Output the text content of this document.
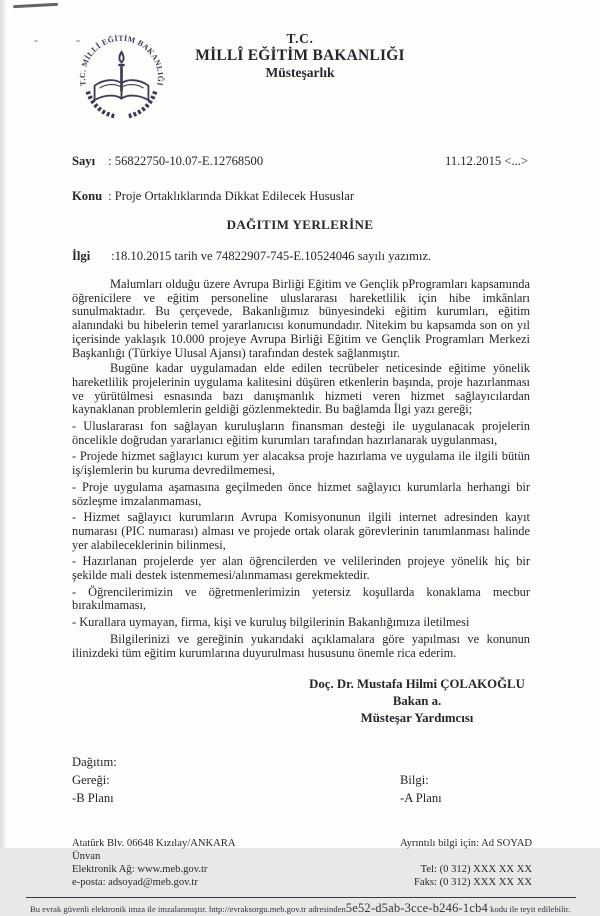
T.C. MİLLİ EĞİTİM BAKANLIĞI
T.C.
MİLLÎ EĞİTİM BAKANLIĞI
Müsteşarlık
Sayı : 56822750-10.07-E.12768500	11.12.2015 <...>
Konu : Proje Ortaklıklarında Dikkat Edilecek Hususlar
DAĞITIM YERLERİNE
İlgi :18.10.2015 tarih ve 74822907-745-E.10524046 sayılı yazımız.

Malumları olduğu üzere Avrupa Birliği Eğitim ve Gençlik pProgramları kapsamında öğrenicilere ve eğitim personeline uluslararası hareketlilik için hibe imkânları sunulmaktadır. Bu çerçevede, Bakanlığımız bünyesindeki eğitim kurumları, eğitim alanındaki bu hibelerin temel yararlanıcısı konumundadır. Nitekim bu kapsamda son on yıl içerisinde yaklaşık 10.000 projeye Avrupa Birliği Eğitim ve Gençlik Programları Merkezi Başkanlığı (Türkiye Ulusal Ajansı) tarafından destek sağlanmıştır.

Bugüne kadar uygulamadan elde edilen tecrübeler neticesinde eğitime yönelik hareketlilik projelerinin uygulama kalitesini düşüren etkenlerin başında, proje hazırlanması ve yürütülmesi esnasında bazı danışmanlık hizmeti veren hizmet sağlayıcılardan kaynaklanan problemlerin geldiği gözlenmektedir. Bu bağlamda İlgi yazı gereği;

- Uluslararası fon sağlayan kuruluşların finansman desteği ile uygulanacak projelerin öncelikle doğrudan yararlanıcı eğitim kurumları tarafından hazırlanarak uygulanması,

- Projede hizmet sağlayıcı kurum yer alacaksa proje hazırlama ve uygulama ile ilgili bütün iş/işlemlerin bu kuruma devredilmemesi,

- Proje uygulama aşamasına geçilmeden önce hizmet sağlayıcı kurumlarla herhangi bir sözleşme imzalanmaması,

- Hizmet sağlayıcı kurumların Avrupa Komisyonunun ilgili internet adresinden kayıt numarası (PIC numarası) alması ve projede ortak olarak görevlerinin tanımlanması halinde yer alabileceklerinin bilinmesi,

- Hazırlanan projelerde yer alan öğrencilerden ve velilerinden projeye yönelik hiç bir şekilde mali destek istenmemesi/alınmaması gerekmektedir.

- Öğrencilerimizin ve öğretmenlerimizin yetersiz koşullarda konaklama mecbur bırakılmaması,

- Kurallara uymayan, firma, kişi ve kuruluş bilgilerinin Bakanlığımıza iletilmesi

Bilgilerinizi ve gereğinin yukarıdaki açıklamalara göre yapılması ve konunun ilinizdeki tüm eğitim kurumlarına duyurulması hususunu önemle rica ederim.

Doç. Dr. Mustafa Hilmi ÇOLAKOĞLU
Bakan a.
Müsteşar Yardımcısı
Dağıtım:
Gereği:	Bilgi:
-B Planı	-A Planı
Atatürk Blv. 06648 Kızılay/ANKARA
Ünvan
Elektronik Ağ: www.meb.gov.tr
e-posta: adsoyad@meb.gov.tr
Ayrıntılı bilgi için: Ad SOYAD
Tel: (0 312) XXX XX XX
Faks: (0 312) XXX XX XX
Bu evrak güvenli elektronik imza ile imzalanmıştır. http://evraksorgu.meb.gov.tr adresinden5e52-d5ab-3cce-b246-1cb4 kodu ile teyit edilebilir.
